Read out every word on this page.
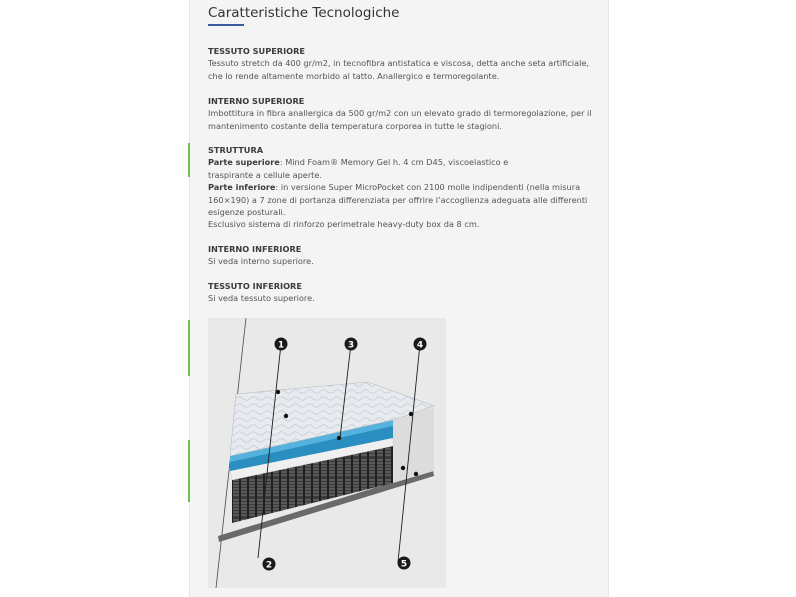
Caratteristiche Tecnologiche
TESSUTO SUPERIORE
Tessuto stretch da 400 gr/m2, in tecnofibra antistatica e viscosa, detta anche seta artificiale,
che lo rende altamente morbido al tatto. Anallergico e termoregolante.
INTERNO SUPERIORE
Imbottitura in fibra anallergica da 500 gr/m2 con un elevato grado di termoregolazione, per il
mantenimento costante della temperatura corporea in tutte le stagioni.
STRUTTURA
Parte superiore: Mind Foam® Memory Gel h. 4 cm D45, viscoelastico e
traspirante a cellule aperte.
Parte inferiore: in versione Super MicroPocket con 2100 molle indipendenti (nella misura
160×190) a 7 zone di portanza differenziata per offrire l’accoglienza adeguata alle differenti
esigenze posturali.
Esclusivo sistema di rinforzo perimetrale heavy-duty box da 8 cm.
INTERNO INFERIORE
Si veda interno superiore.
TESSUTO INFERIORE
Si veda tessuto superiore.
1	3	4
2	5
